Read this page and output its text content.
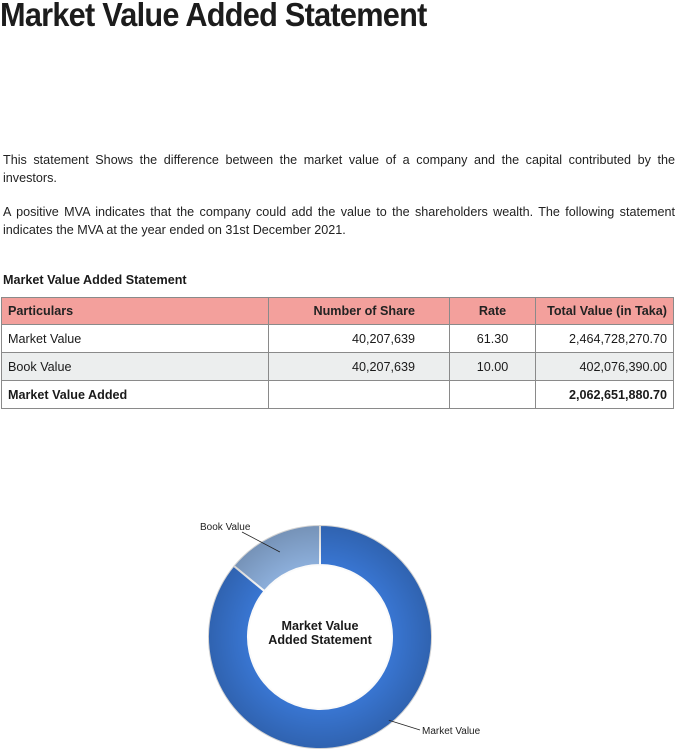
Market Value Added Statement

This statement Shows the difference between the market value of a company and the capital contributed by the investors.

A positive MVA indicates that the company could add the value to the shareholders wealth. The following statement indicates the MVA at the year ended on 31st December 2021.

Market Value Added Statement

Particulars	Number of Share	Rate	Total Value (in Taka)
Market Value	40,207,639	61.30	2,464,728,270.70
Book Value	40,207,639	10.00	402,076,390.00
Market Value Added			2,062,651,880.70
Book Value
Market Value
Market Value
Added Statement
